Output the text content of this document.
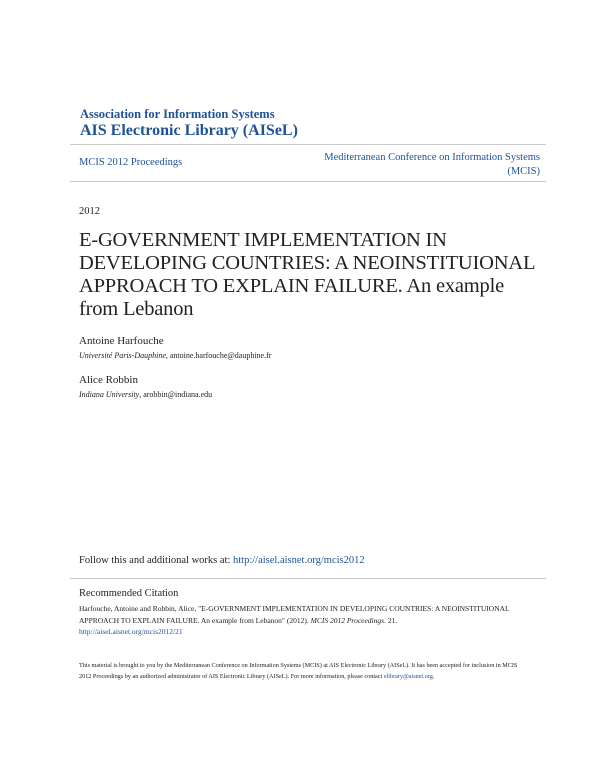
Association for Information Systems
AIS Electronic Library (AISeL)
MCIS 2012 Proceedings	Mediterranean Conference on Information Systems
(MCIS)
2012
E-GOVERNMENT IMPLEMENTATION IN DEVELOPING COUNTRIES: A NEOINSTITUIONAL APPROACH TO EXPLAIN FAILURE. An example from Lebanon
Antoine Harfouche
Université Paris-Dauphine, antoine.harfouche@dauphine.fr
Alice Robbin
Indiana University, arobbin@indiana.edu
Follow this and additional works at: http://aisel.aisnet.org/mcis2012
Recommended Citation
Harfouche, Antoine and Robbin, Alice, "E-GOVERNMENT IMPLEMENTATION IN DEVELOPING COUNTRIES: A NEOINSTITUIONAL APPROACH TO EXPLAIN FAILURE. An example from Lebanon" (2012). MCIS 2012 Proceedings. 21.
http://aisel.aisnet.org/mcis2012/21
This material is brought to you by the Mediterranean Conference on Information Systems (MCIS) at AIS Electronic Library (AISeL). It has been accepted for inclusion in MCIS 2012 Proceedings by an authorized administrator of AIS Electronic Library (AISeL). For more information, please contact elibrary@aisnet.org.
